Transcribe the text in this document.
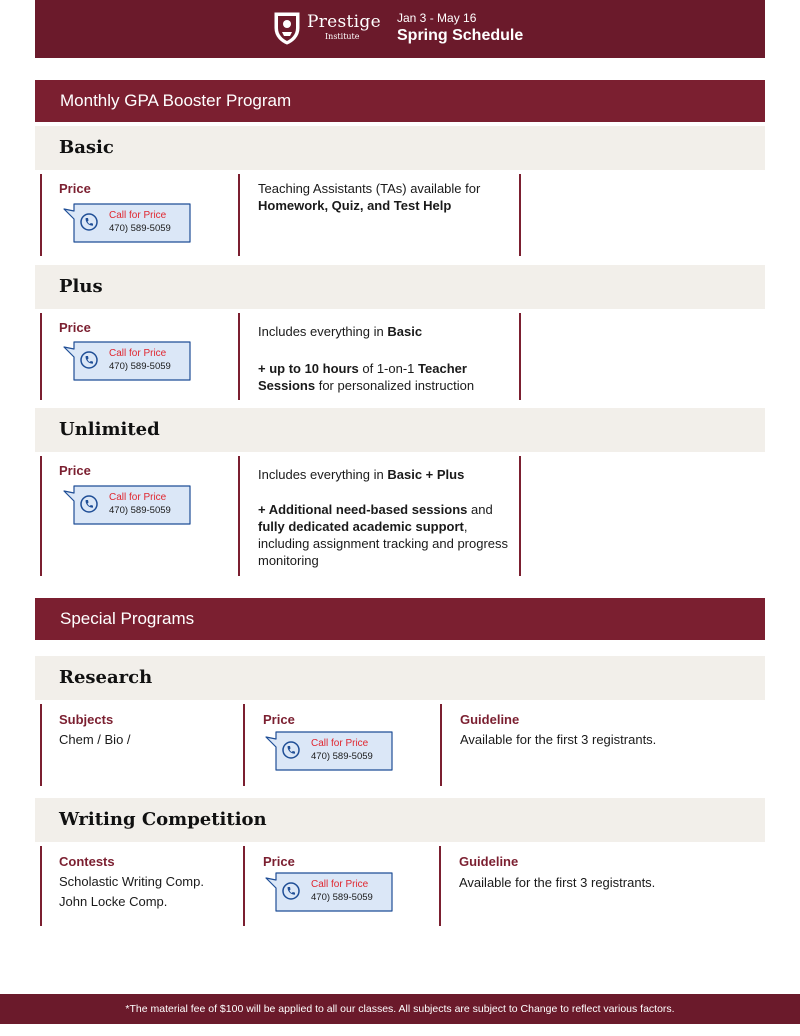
Prestige
Institute
Jan 3 - May 16
Spring Schedule
Monthly GPA Booster Program
Basic
Price
Call for Price
470) 589-5059
Teaching Assistants (TAs) available for
Homework, Quiz, and Test Help
Plus
Price
Call for Price
470) 589-5059
Includes everything in Basic
+ up to 10 hours of 1-on-1 Teacher Sessions for personalized instruction
Unlimited
Price
Call for Price
470) 589-5059
Includes everything in Basic + Plus
+ Additional need-based sessions and fully dedicated academic support, including assignment tracking and progress monitoring
Special Programs
Research
Subjects
Chem / Bio /
Price
Call for Price
470) 589-5059
Guideline
Available for the first 3 registrants.
Writing Competition
Contests
Scholastic Writing Comp.
John Locke Comp.
Price
Call for Price
470) 589-5059
Guideline
Available for the first 3 registrants.
*The material fee of $100 will be applied to all our classes. All subjects are subject to Change to reflect various factors.
